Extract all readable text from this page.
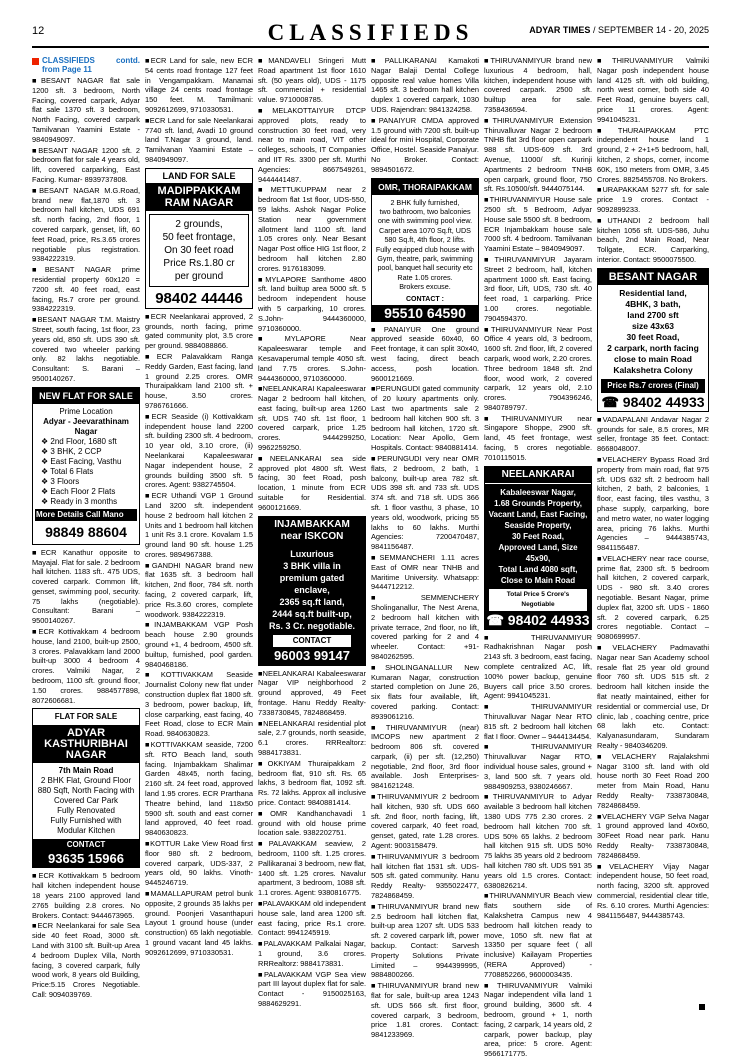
12	CLASSIFIEDS	ADYAR TIMES / SEPTEMBER 14 - 20, 2025
CLASSIFIEDS contd. from Page 11

■BESANT NAGAR flat sale 1200 sft. 3 bedroom, North Facing, covered carpark, Adyar flat sale 1370 sft. 3 bedroom, North Facing, covered carpark Tamilvanan Yaamini Estate - 9840949097.

■BESANT NAGAR 1200 sft. 2 bedroom flat for sale 4 years old, lift, covered carparking, East Facing. Kumar- 8939737808.

■BESANT NAGAR M.G.Road, brand new flat,1870 sft. 3 bedroom hall kitchen, UDS 691 sft. north facing, 2nd floor, 1 covered carpark, genset, lift, 60 feet Road, price, Rs.3.65 crores negotiable plus registration. 9384222319.

■BESANT NAGAR prime residential property 60x120 = 7200 sft. 40 feet road, east facing, Rs.7 crore per ground. 9384222319.

■BESANT NAGAR T.M. Maistry Street, south facing, 1st floor, 23 years old, 850 sft. UDS 390 sft. covered two wheeler parking only. 82 lakhs negotiable. Consultant: S. Barani – 9500140267.

NEW FLAT FOR SALE
Prime Location
Adyar - Jeevarathinam Nagar
❖ 2nd Floor, 1680 sft
❖ 3 BHK, 2 CCP
❖ East Facing, Vasthu
❖ Total 6 Flats
❖ 3 Floors
❖ Each Floor 2 Flats
❖ Ready in 3 months
More Details Call Mano
98849 88604

■ECR Kanathur opposite to Mayajal. Flat for sale. 2 bedroom hall kitchen. 1183 sft.. 475 UDS, covered carpark. Common lift, genset, swimming pool, security. 75 lakhs (negotiable). Consultant: Barani – 9500140267.

■ECR Kottivakkam 4 bedroom house, land 2100, built-up 2500, 3 crores. Palavakkam land 2000 built-up 3000 4 bedroom 4 crores. Valmiki Nagar, 2 bedroom, 1100 sft. ground floor, 1.50 crores. 9884577898, 8072606681.

FLAT FOR SALE
ADYAR
KASTHURIBHAI NAGAR
7th Main Road
2 BHK Flat, Ground Floor
880 Sqft, North Facing with
Covered Car Park
Fully Renovated
Fully Furnished with
Modular Kitchen
CONTACT
93635 15966

■ECR Kottivakkam 5 bedroom hall kitchen independent house 18 years 2100 approved land 2765 building 2.8 crores. No Brokers. Contact: 9444673965.

■ECR Neelankarai for sale Sea side 40 feet Road, 3000 sft. Land with 3100 sft. Built-up Area 4 bedroom Duplex Villa, North facing, 3 covered carpark, fully wood work, 8 years old Building, Price:5.15 Crores Negotiable. Call: 9094039769.

■ECR Land for sale, new ECR 54 cents road frontage 127 feet in Vengampakkam. Manamai village 24 cents road frontage 150 feet. M. Tamilmani: 9092612699, 9710330531.

■ECR Land for sale Neelankarai 7740 sft. land, Avadi 10 ground land T.Nagar 3 ground, land. Tamilvanan Yaamini Estate – 9840949097.

LAND FOR SALE
MADIPPAKKAM
RAM NAGAR
2 grounds,
50 feet frontage,
On 30 feet road
Price Rs.1.80 cr
per ground
98402 44446

■ECR Neelankarai approved, 2 grounds, north facing, prime gated community plot, 3.5 crore per ground. 9884088866.

■ECR Palavakkam Ranga Reddy Garden, East facing, land 1 ground 2.25 crores. OMR Thuraipakkam land 2100 sft. + house, 3.50 crores. 9786761666.

■ECR Seaside (i) Kottivakkam independent house land 2200 sft. building 2300 sft. 4 bedroom, 10 year old, 3.10 crore, (ii) Neelankarai Kapaleeswarar Nagar independent house, 2 grounds building 3500 sft. 5 crores. Agent: 9382745504.

■ECR Uthandi VGP 1 Ground Land 3200 sft. independent house 2 bedroom hall kitchen 2 Units and 1 bedroom hall kitchen 1 unit Rs 3.1 crore. Kovalam 1.5 ground land 90 sft. house 1.25 crores. 9894967388.

■GANDHI NAGAR brand new flat 1635 sft. 3 bedroom hall kitchen, 2nd floor, 784 sft. north facing, 2 covered carpark, lift, price Rs.3.60 crores, complete woodwork. 9384222319.

■INJAMBAKKAM VGP Posh beach house 2.90 grounds ground +1, 4 bedroom, 4500 sft. builtup, furnished, pool garden. 9840468186.

■KOTTIVAKKAM Seaside Journalist Colony new flat under construction duplex flat 1800 sft. 3 bedroom, power backup, lift, close carparking, east facing, 40 Feet Road, close to ECR Main Road. 9840630823.

■KOTTIVAKKAM seaside, 7200 sft. RTO Beach land, south facing. Injambakkam Shalimar Garden 48x45, north facing, 2160 sft. 24 feet road, approved land 1.95 crores. ECR Prarthana Theatre behind, land 118x50 5900 sft. south and east corner land approved, 40 feet road. 9840630823.

■KOTTUR Lake View Road first floor 980 sft. 2 bedroom, covered carpark, UDS-337, 2 years old, 90 lakhs. Vinoth- 9445246719.

■MAMALLAPURAM petrol bunk opposite, 2 grounds 35 lakhs per ground. Poonjeri Vasanthapuri Layout 1 ground house (under construction) 65 lakh negotiable. 1 ground vacant land 45 lakhs. 9092612699, 9710330531.

■MANDAVELI Sringeri Mutt Road apartment 1st floor 1610 sft. (50 years old), UDS - 1175 sft. commercial + residential value. 9710008785.

■MELAKOTTAIYUR DTCP approved plots, ready to construction 30 feet road, very near to main road, VIT other colleges, schools, IT Companies and IIT Rs. 3300 per sft. Murthi Agencies: 8667549261, 9444441487.

■METTUKUPPAM near 2 bedroom flat 1st floor, UDS-550, 59 lakhs. Ashok Nagar Police Station near government allotment land 1100 sft. land 1.05 crores only. Near Besant Nagar Post office HIG 1st floor, 2 bedroom hall kitchen 2.80 crores. 9176183099.

■MYLAPORE Santhome 4800 sft. land builtup area 5000 sft. 5 bedroom independent house with 5 carparking, 10 crores. S.John- 9444360000, 9710360000.

■MYLAPORE Near Kapaleeswarar temple and Kesavaperumal temple 4050 sft. land 7.75 crores. S.John- 9444360000, 9710360000.

■NEELANKARAI Kapaleeswarar Nagar 2 bedroom hall kitchen, east facing, built-up area 1260 sft. UDS 740 sft. 1st floor, 1 covered carpark, price 1.25 crores. 9444299250, 9962259250.

■NEELANKARAI sea side approved plot 4800 sft. West facing, 30 feet Road, posh location, 1 minute from ECR suitable for Residential. 9600121669.

INJAMBAKKAM
near ISKCON
Luxurious
3 BHK villa in
premium gated enclave,
2365 sq.ft land,
2444 sq.ft built-up,
Rs. 3 Cr. negotiable.
CONTACT
96003 99147

■NEELANKARAI Kabaleeswarar Nagar VIP neighborhood 2 ground approved, 49 Feet frontage. Hanu Reddy Realty- 7338730845, 7824868459.

■NEELANKARAI residential plot sale, 2.7 grounds, north seaside, 6.1 crores. RRRealtorz: 9884173831.

■OKKIYAM Thuraipakkam 2 bedroom flat, 910 sft. Rs. 65 lakhs, 3 bedroom flat, 1092 sft. Rs. 72 lakhs. Approx all inclusive price. Contact: 9840881414.

■OMR Kandhanchavadi 1 ground with old house prime location sale. 9382202751.

■PALAVAKKAM seaview, 2 bedroom, 1100 sft. 1.25 crores. Pallikaranai 3 bedroom, new flat, 1400 sft. 1.25 crores. Navalur apartment, 3 bedroom, 1088 sft. 1.1 crores. Agent: 9380816775.

■PALAVAKKAM old independent house sale, land area 1200 sft. east facing, price Rs.1 crore. Contact: 9941245919.

■PALAVAKKAM Palkalai Nagar, 1 ground, 3.6 crores. RRRealtorz: 9884173831.

■PALAVAKKAM VGP Sea view part III layout duplex flat for sale. Contact - 9150025163, 9884629291.

■PALLIKARANAI Kamakoti Nagar Balaji Dental College opposite real value homes Villa 1465 sft. 3 bedroom hall kitchen duplex 1 covered carpark, 1030 UDS. Rajendran: 9841324258.

■PANAIYUR CMDA approved 1.5 ground with 7200 sft. built-up ideal for mini Hospital, Corporate Office, Hostel. Seaside Panaiyur. No Broker. Contact: 9894501672.

OMR, THORAIPAKKAM
2 BHK fully furnished,
two bathroom, two balconies
one with swimming pool view.
Carpet area 1070 Sq.ft, UDS
580 Sq.ft, 4th floor, 2 lifts.
Fully equipped club house with
Gym, theatre, park, swimming
pool, banquet hall security etc
Rate 1.05 crores.
Brokers excuse.
CONTACT :
95510 64590

■PANAIYUR One ground approved seaside 60x40, 60 Feet frontage, it can split 30x40, west facing, direct beach access, posh location. 9600121669.

■PERUNGUDI gated community of 20 luxury apartments only. Last two apartments sale 2 bedroom hall kitchen 900 sft. 3 bedroom hall kitchen, 1720 sft. Location: Near Apollo, Gem Hospitals. Contact: 9840881414.

■PERUNGUDI very near OMR flats, 2 bedroom, 2 bath, 1 balcony, built-up area 782 sft. UDS 398 sft. and 733 sft. UDS 374 sft. and 718 sft. UDS 366 sft. 1 floor vasthu, 3 phase, 10 years old, woodwork, pricing 55 lakhs to 60 lakhs. Murthi Agencies: 7200470487, 9841156487.

■SEMMANCHERI 1.11 acres East of OMR near TNHB and Maritime University. Whatsapp: 9444712212.

■SEMMENCHERY Sholinganallur, The Nest Arena, 2 bedroom hall kitchen with private terrace, 2nd floor, no lift, covered parking for 2 and 4 wheeler. Contact: +91-9840262595.

■SHOLINGANALLUR New Kumaran Nagar, construction started completion on June 26, six flats four available, lift, covered parking. Contact: 8939061216.

■THIRUVANMIYUR (near) IMCOPS new apartment 2 bedroom 806 sft. covered carpark, (ii) per sft. (12,250) negotiable, 2nd floor, 3rd floor available. Josh Enterprises- 9841621248.

■THIRUVANMIYUR 2 bedroom hall kitchen, 930 sft. UDS 660 sft. 2nd floor, north facing, lift, covered carpark, 40 feet road, genset, gated, rate 1.28 crores. Agent: 9003158479.

■THIRUVANMIYUR 3 bedroom hall kitchen flat 1531 sft. UDS-505 sft. gated community. Hanu Reddy Realty- 9355022477, 7824868459.

■THIRUVANMIYUR brand new 2.5 bedroom hall kitchen flat, built-up area 1207 sft. UDS 533 sft. 2 covered carpark lift, power backup. Contact: Sarvesh Property Solutions Private Limited – 9944399995, 9884800266.

■THIRUVANMIYUR brand new flat for sale, built-up area 1243 sft. UDS 566 sft. first floor, covered carpark, 3 bedroom, price 1.81 crores. Contact: 9841233969.

■THIRUVANMIYUR brand new luxurious 4 bedroom, hall, kitchen, independent house with covered carpark. 2500 sft. builtup area for sale. 7358436594.

■THIRUVANMIYUR Extension Thiruvalluvar Nagar 2 bedroom TNHB flat 3rd floor open carpark 988 sft. UDS-609 sft. 3rd Avenue, 11000/ sft. Kurinji Apartments 2 bedroom TNHB open carpark, ground floor, 750 sft. Rs.10500/sft. 9444075144.

■THIRUVANMIYUR House sale 2500 sft. 5 Bedroom, Adyar House sale 5500 sft. 8 bedroom, ECR Injambakkam house sale 7000 sft. 4 bedroom. Tamilvanan Yaamini Estate – 9840949097.

■THIRUVANMIYUR Jayaram Street 2 bedroom, hall, kitchen apartment 1000 sft. East facing, 3rd floor, Lift, UDS, 730 sft. 40 feet road, 1 carparking. Price 1.00 crores. negotiable. 7904594370.

■THIRUVANMIYUR Near Post Office 4 years old, 3 bedroom, 1600 sft. 2nd floor, lift, 2 covered carpark, wood work, 2.20 crores. Three bedroom 1848 sft. 2nd floor, wood work, 2 covered carpark, 12 years old, 2.10 crores. 7904396246, 9840789797.

■THIRUVANMIYUR near Singapore Shoppe, 2900 sft. land, 45 feet frontage, west facing, 5 crores negotiable. 7010115015.

NEELANKARAI
Kabaleeswar Nagar,
1.68 Grounds Property,
Vacant Land, East Facing,
Seaside Property,
30 Feet Road,
Approved Land, Size 45x90,
Total Land 4080 sqft,
Close to Main Road
Total Price 5 Crore's Negotiable
☎ 98402 44933

■THIRUVANMIYUR Radhakrishnan Nagar posh 2143 sft. 3 bedroom, east facing, complete centralized AC, lift, 100% power backup, genuine Buyers call price 3.50 crores. Agent: 9941045231.

■THIRUVANMIYUR Thiruvalluvar Nagar Near RTO 815 sft. 2 bedroom hall kitchen flat I floor. Owner – 9444134454.

■THIRUVANMIYUR Thiruvalluvar Nagar RTO, individual house sales, ground + 3, land 500 sft. 7 years old. 9884909253, 9380246667.

■THIRUVANMIYUR to Adyar available 3 bedroom hall kitchen 1380 UDS 775 2.30 crores. 2 bedroom hall kitchen 700 sft. UDS 50% 65 lakhs. 2 bedroom hall kitchen 915 sft. UDS 50% 75 lakhs 35 years old 2 bedroom hall kitchen 780 sft. UDS 591 35 years old 1.5 crores. Contact: 6380826214.

■THIRUVANMIYUR Beach view flats southern side of Kalakshetra Campus new 4 bedroom hall kitchen ready to move, 1050 sft. new flat at 13350 per square feet ( all inclusive) Kailayam Properties (RERA Approved) - 7708852266, 9600003435.

■THIRUVANMIYUR Valmiki Nagar independent villa land 1 ground building, 3600 sft. 4 bedroom, ground + 1, north facing, 2 carpark, 14 years old, 2 carpark, power backup, play area, price: 5 crore. Agent: 9566171775.

■THIRUVANMIYUR Valmiki Nagar posh independent house land 4125 sft. with old building, north west corner, both side 40 Feet Road, genuine buyers call, price 11 crores. Agent: 9941045231.

■THURAIPAKKAM PTC independent house land 1 ground, 2 + 2+1+5 bedroom, hall, kitchen, 2 shops, corner, income 60K, 150 meters from OMR, 3.45 Crores. 8825455708. No Brokers.

■URAPAKKAM 5277 sft. for sale price 1.9 crores. Contact - 9092899233.

■UTHANDI 2 bedroom hall kitchen 1056 sft. UDS-586, Juhu beach, 2nd Main Road, Near Tollgate, ECR. Carparking, interior. Contact: 9500075500.

BESANT NAGAR
Residential land,
4BHK, 3 bath,
land 2700 sft
size 43x63
30 feet Road,
2 carpark, north facing
close to main Road
Kalakshetra Colony
Price Rs.7 crores (Final)
☎ 98402 44933

■VADAPALANI Andavar Nagar 2 grounds for sale, 8.5 crores, MR seller, frontage 35 feet. Contact: 8668048007.

■VELACHERY Bypass Road 3rd property from main road, flat 975 sft. UDS 632 sft. 2 bedroom hall kitchen, 2 bath, 2 balconies, 1 floor, east facing, tiles vasthu, 3 phase supply, carparking, bore and metro water, no water logging area, pricing 76 lakhs. Murthi Agencies – 9444385743, 9841156487.

■VELACHERY near race course, prime flat, 2300 sft. 5 bedroom hall kitchen, 2 covered carpark, UDS - 980 sft. 3.40 crores negotiable. Besant Nagar, prime duplex flat, 3200 sft. UDS - 1860 sft. 2 covered carpark, 6.25 crores negotiable. Contact – 9080699957.

■VELACHERY Padmavathi Nagar near San Academy school resale flat 25 year old ground floor 760 sft. UDS 515 sft. 2 bedroom hall kitchen inside the flat neatly maintained, either for residential or commercial use, Dr clinic, lab , coaching centre, price 68 lakh etc. Contact: Kalyanasundaram, Sundaram Realty - 9840346209.

■VELACHERY Rajalakshmi Nagar 3100 sft. land with old house north 30 Feet Road 200 meter from Main Road, Hanu Reddy Realty- 7338730848, 7824868459.

■VELACHERY VGP Selva Nagar 1 ground approved land 40x60, 30Feet Road near park. Hanu Reddy Realty- 7338730848, 7824868459.

■VELACHERY Vijay Nagar independent house, 50 feet road, north facing, 3200 sft. approved commercial, residential clear title, Rs. 6.10 crores. Murthi Agencies: 9841156487, 9444385743.
